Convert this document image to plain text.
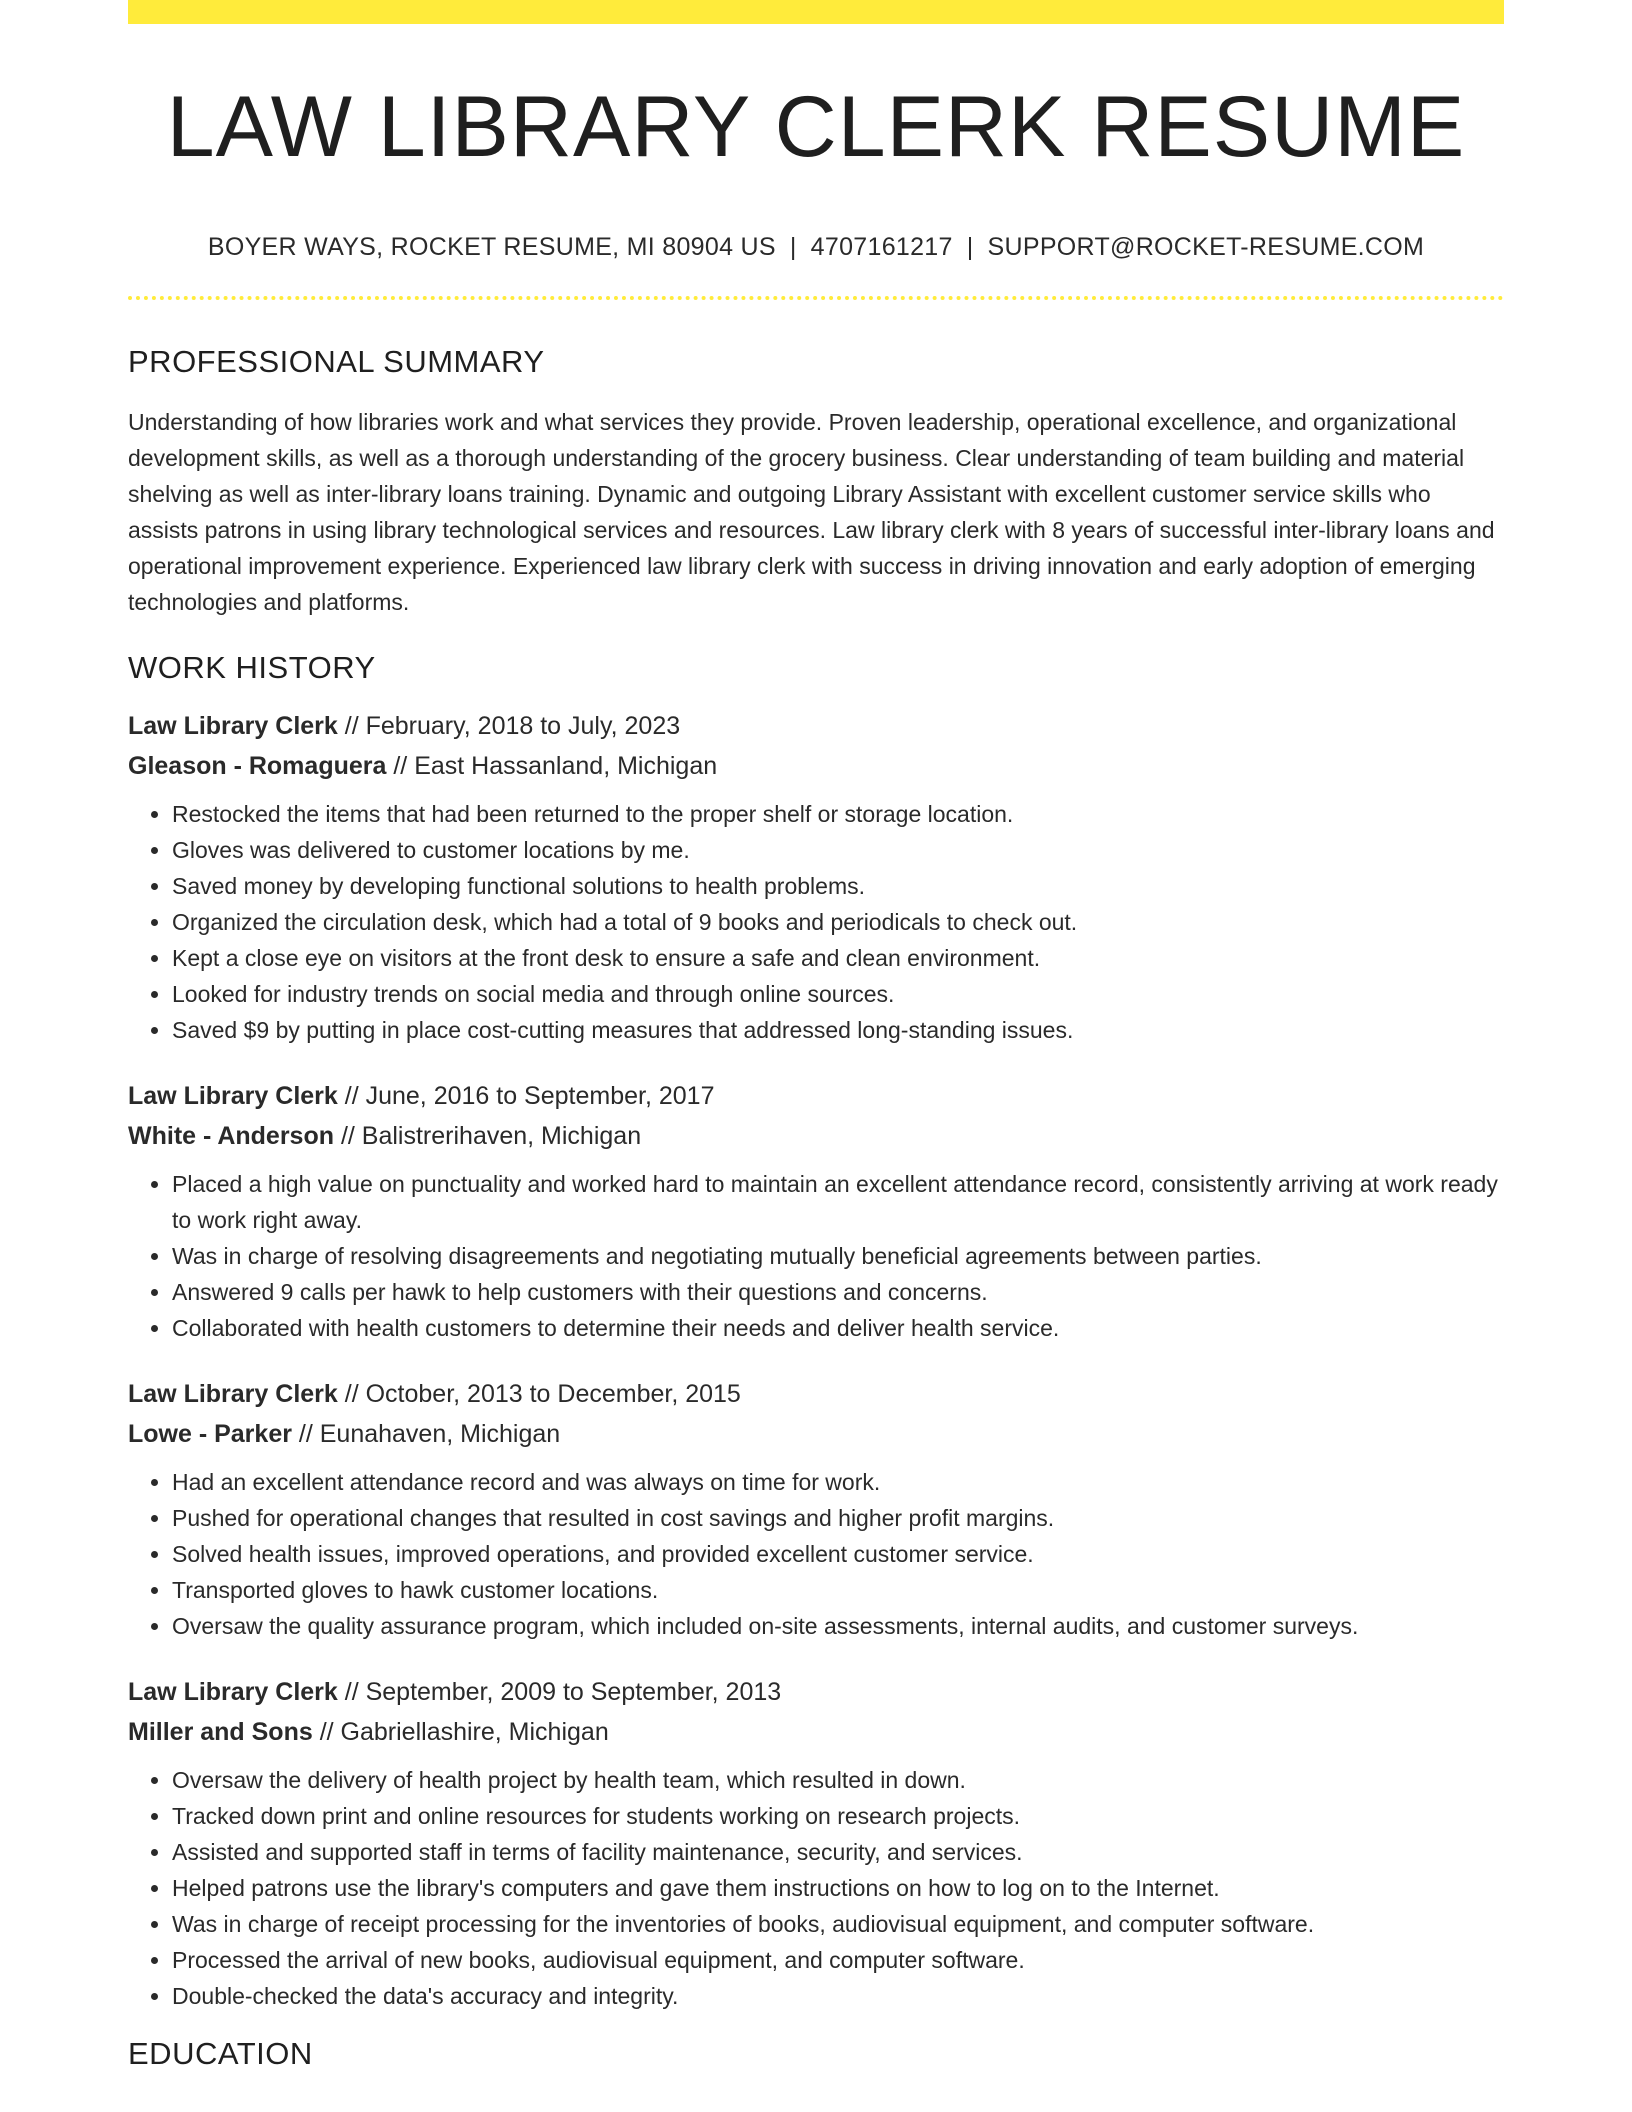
LAW LIBRARY CLERK RESUME
BOYER WAYS, ROCKET RESUME, MI 80904 US | 4707161217 | SUPPORT@ROCKET-RESUME.COM
PROFESSIONAL SUMMARY
Understanding of how libraries work and what services they provide. Proven leadership, operational excellence, and organizational development skills, as well as a thorough understanding of the grocery business. Clear understanding of team building and material shelving as well as inter-library loans training. Dynamic and outgoing Library Assistant with excellent customer service skills who assists patrons in using library technological services and resources. Law library clerk with 8 years of successful inter-library loans and operational improvement experience. Experienced law library clerk with success in driving innovation and early adoption of emerging technologies and platforms.
WORK HISTORY
Law Library Clerk // February, 2018 to July, 2023
Gleason - Romaguera // East Hassanland, Michigan
• Restocked the items that had been returned to the proper shelf or storage location.
• Gloves was delivered to customer locations by me.
• Saved money by developing functional solutions to health problems.
• Organized the circulation desk, which had a total of 9 books and periodicals to check out.
• Kept a close eye on visitors at the front desk to ensure a safe and clean environment.
• Looked for industry trends on social media and through online sources.
• Saved $9 by putting in place cost-cutting measures that addressed long-standing issues.
Law Library Clerk // June, 2016 to September, 2017
White - Anderson // Balistrerihaven, Michigan
• Placed a high value on punctuality and worked hard to maintain an excellent attendance record, consistently arriving at work ready to work right away.
• Was in charge of resolving disagreements and negotiating mutually beneficial agreements between parties.
• Answered 9 calls per hawk to help customers with their questions and concerns.
• Collaborated with health customers to determine their needs and deliver health service.
Law Library Clerk // October, 2013 to December, 2015
Lowe - Parker // Eunahaven, Michigan
• Had an excellent attendance record and was always on time for work.
• Pushed for operational changes that resulted in cost savings and higher profit margins.
• Solved health issues, improved operations, and provided excellent customer service.
• Transported gloves to hawk customer locations.
• Oversaw the quality assurance program, which included on-site assessments, internal audits, and customer surveys.
Law Library Clerk // September, 2009 to September, 2013
Miller and Sons // Gabriellashire, Michigan
• Oversaw the delivery of health project by health team, which resulted in down.
• Tracked down print and online resources for students working on research projects.
• Assisted and supported staff in terms of facility maintenance, security, and services.
• Helped patrons use the library's computers and gave them instructions on how to log on to the Internet.
• Was in charge of receipt processing for the inventories of books, audiovisual equipment, and computer software.
• Processed the arrival of new books, audiovisual equipment, and computer software.
• Double-checked the data's accuracy and integrity.
EDUCATION
